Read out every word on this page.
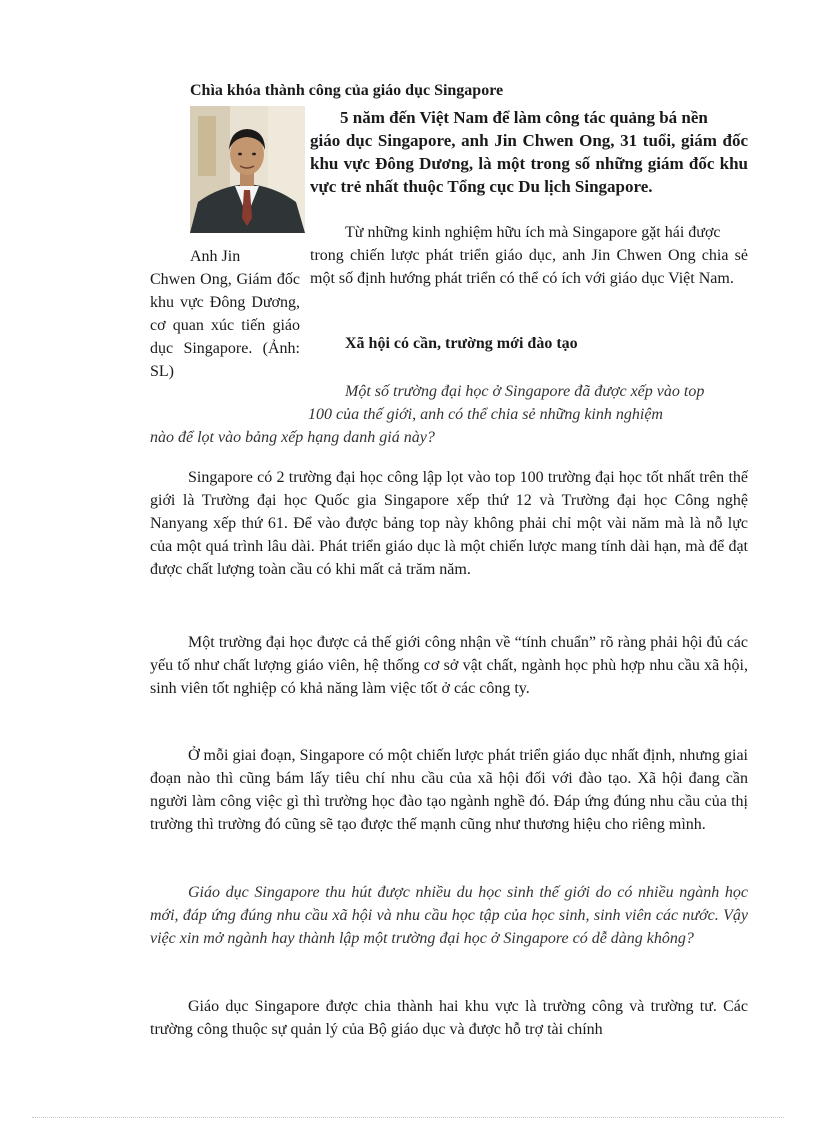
Chìa khóa thành công của giáo dục Singapore
5 năm đến Việt Nam để làm công tác quảng bá nền
giáo dục Singapore, anh Jin Chwen Ong, 31 tuổi, giám đốc khu vực Đông Dương, là một trong số những giám đốc khu vực trẻ nhất thuộc Tổng cục Du lịch Singapore.
Từ những kinh nghiệm hữu ích mà Singapore gặt hái được
trong chiến lược phát triển giáo dục, anh Jin Chwen Ong chia sẻ một số định hướng phát triển có thể có ích với giáo dục Việt Nam.
Anh Jin
Chwen Ong, Giám đốc khu vực Đông Dương, cơ quan xúc tiến giáo dục Singapore. (Ảnh: SL)
Xã hội có cần, trường mới đào tạo
Một số trường đại học ở Singapore đã được xếp vào top
100 của thế giới, anh có thể chia sẻ những kinh nghiệm
nào để lọt vào bảng xếp hạng danh giá này?

Singapore có 2 trường đại học công lập lọt vào top 100 trường đại học tốt nhất trên thế giới là Trường đại học Quốc gia Singapore xếp thứ 12 và Trường đại học Công nghệ Nanyang xếp thứ 61. Để vào được bảng top này không phải chỉ một vài năm mà là nỗ lực của một quá trình lâu dài. Phát triển giáo dục là một chiến lược mang tính dài hạn, mà để đạt được chất lượng toàn cầu có khi mất cả trăm năm.

Một trường đại học được cả thế giới công nhận về “tính chuẩn” rõ ràng phải hội đủ các yếu tố như chất lượng giáo viên, hệ thống cơ sở vật chất, ngành học phù hợp nhu cầu xã hội, sinh viên tốt nghiệp có khả năng làm việc tốt ở các công ty.

Ở mỗi giai đoạn, Singapore có một chiến lược phát triển giáo dục nhất định, nhưng giai đoạn nào thì cũng bám lấy tiêu chí nhu cầu của xã hội đối với đào tạo. Xã hội đang cần người làm công việc gì thì trường học đào tạo ngành nghề đó. Đáp ứng đúng nhu cầu của thị trường thì trường đó cũng sẽ tạo được thế mạnh cũng như thương hiệu cho riêng mình.

Giáo dục Singapore thu hút được nhiều du học sinh thế giới do có nhiều ngành học mới, đáp ứng đúng nhu cầu xã hội và nhu cầu học tập của học sinh, sinh viên các nước. Vậy việc xin mở ngành hay thành lập một trường đại học ở Singapore có dễ dàng không?

Giáo dục Singapore được chia thành hai khu vực là trường công và trường tư. Các trường công thuộc sự quản lý của Bộ giáo dục và được hỗ trợ tài chính
